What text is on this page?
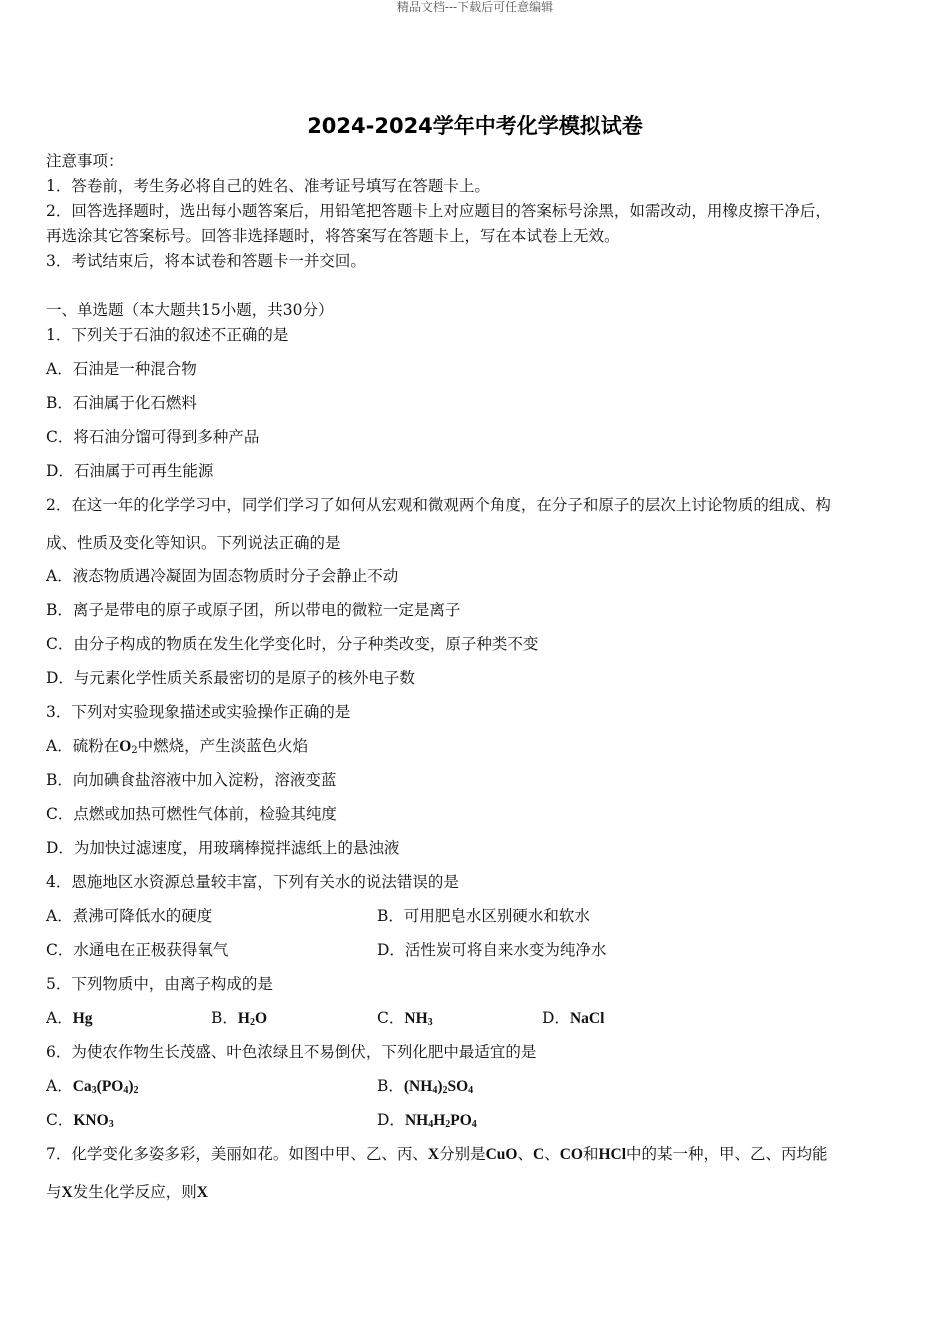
精品文档---下载后可任意编辑
2024-2024学年中考化学模拟试卷
注意事项：
1．答卷前，考生务必将自己的姓名、准考证号填写在答题卡上。
2．回答选择题时，选出每小题答案后，用铅笔把答题卡上对应题目的答案标号涂黑，如需改动，用橡皮擦干净后，
再选涂其它答案标号。回答非选择题时，将答案写在答题卡上，写在本试卷上无效。
3．考试结束后，将本试卷和答题卡一并交回。
一、单选题（本大题共15小题，共30分）
1．下列关于石油的叙述不正确的是
A．石油是一种混合物
B．石油属于化石燃料
C．将石油分馏可得到多种产品
D．石油属于可再生能源
2．在这一年的化学学习中，同学们学习了如何从宏观和微观两个角度，在分子和原子的层次上讨论物质的组成、构
成、性质及变化等知识。下列说法正确的是
A．液态物质遇冷凝固为固态物质时分子会静止不动
B．离子是带电的原子或原子团，所以带电的微粒一定是离子
C．由分子构成的物质在发生化学变化时，分子种类改变，原子种类不变
D．与元素化学性质关系最密切的是原子的核外电子数
3．下列对实验现象描述或实验操作正确的是
A．硫粉在$O_2$中燃烧，产生淡蓝色火焰
B．向加碘食盐溶液中加入淀粉，溶液变蓝
C．点燃或加热可燃性气体前，检验其纯度
D．为加快过滤速度，用玻璃棒搅拌滤纸上的悬浊液
4．恩施地区水资源总量较丰富，下列有关水的说法错误的是
A．煮沸可降低水的硬度	B．可用肥皂水区别硬水和软水
C．水通电在正极获得氧气	D．活性炭可将自来水变为纯净水
5．下列物质中，由离子构成的是
A．Hg	B．$H_2O$	C．$NH_3$	D．NaCl
6．为使农作物生长茂盛、叶色浓绿且不易倒伏，下列化肥中最适宜的是
A．$Ca_3(PO_4)_2$	B．$(NH_4)_2SO_4$
C．$KNO_3$	D．$NH_4H_2PO_4$
7．化学变化多姿多彩，美丽如花。如图中甲、乙、丙、X分别是CuO、C、CO和HCl中的某一种，甲、乙、丙均能
与X发生化学反应，则X
